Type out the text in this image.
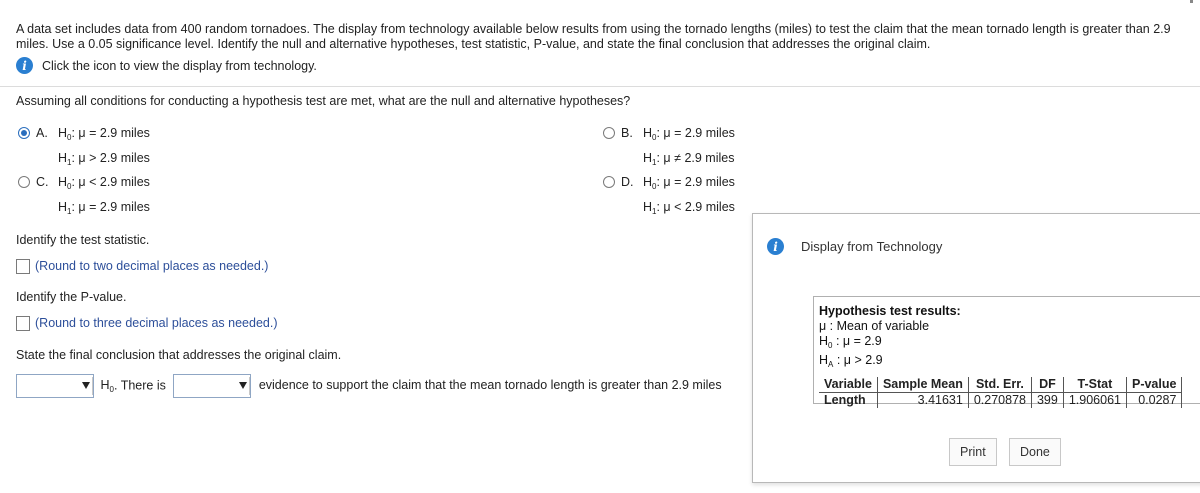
A data set includes data from 400 random tornadoes. The display from technology available below results from using the tornado lengths (miles) to test the claim that the mean tornado length is greater than 2.9 miles. Use a 0.05 significance level. Identify the null and alternative hypotheses, test statistic, P-value, and state the final conclusion that addresses the original claim.
i	Click the icon to view the display from technology.
Assuming all conditions for conducting a hypothesis test are met, what are the null and alternative hypotheses?
A. $H_0$: μ = 2.9 miles
$H_1$: μ > 2.9 miles
B. $H_0$: μ = 2.9 miles
$H_1$: μ ≠ 2.9 miles
C. $H_0$: μ < 2.9 miles
$H_1$: μ = 2.9 miles
D. $H_0$: μ = 2.9 miles
$H_1$: μ < 2.9 miles
Identify the test statistic.
(Round to two decimal places as needed.)
Identify the P-value.
(Round to three decimal places as needed.)
State the final conclusion that addresses the original claim.
$H_0$. There is	evidence to support the claim that the mean tornado length is greater than 2.9 miles
i	Display from Technology
Hypothesis test results:
μ : Mean of variable
$H_0$ : μ = 2.9
$H_A$ : μ > 2.9
Variable	Sample Mean	Std. Err.	DF	T-Stat	P-value
Length	3.41631	0.270878	399	1.906061	0.0287
Print	Done
